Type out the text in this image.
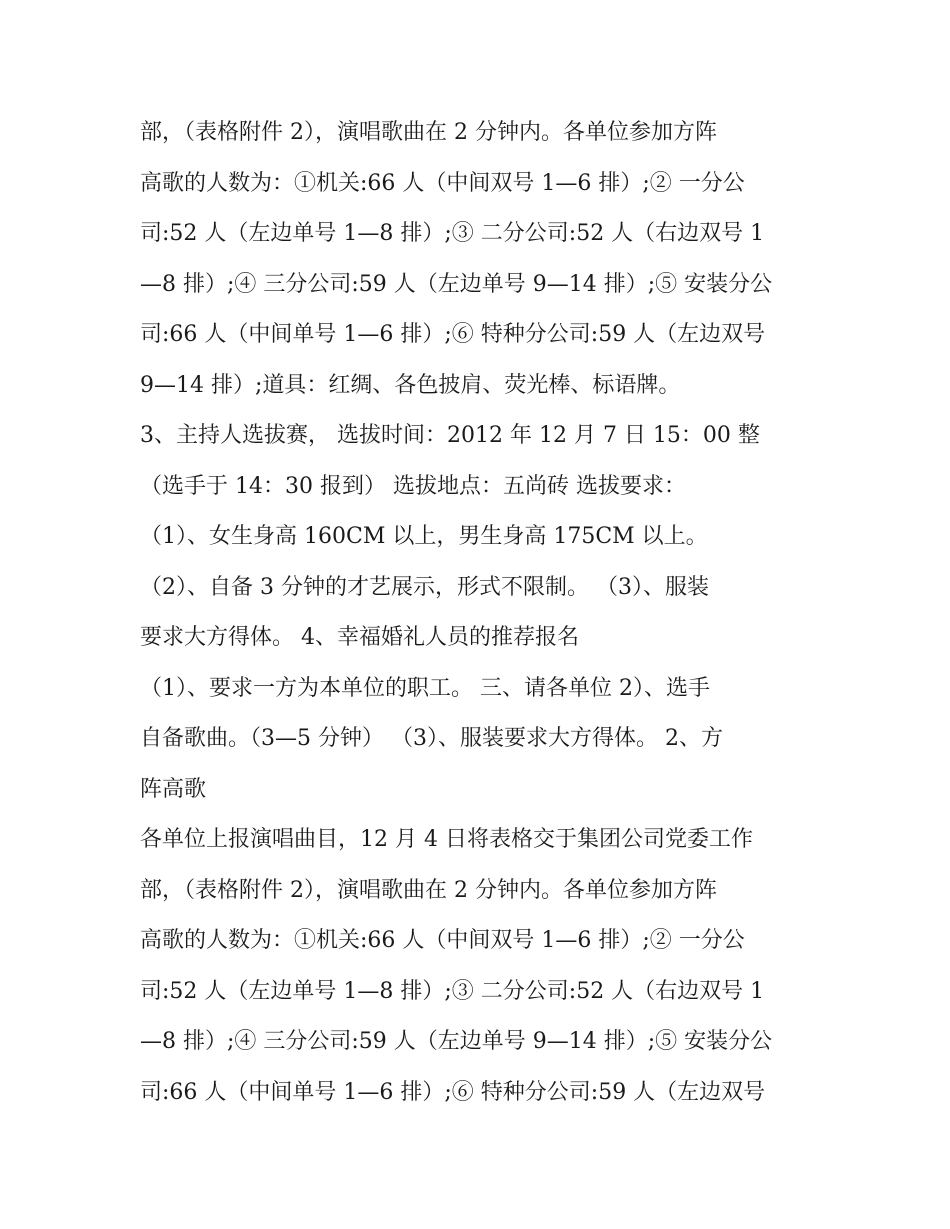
部，（表格附件 2），演唱歌曲在 2 分钟内。各单位参加方阵
高歌的人数为：①机关:66 人（中间双号 1—6 排）;② 一分公
司:52 人（左边单号 1—8 排）;③ 二分公司:52 人（右边双号 1
—8 排）;④ 三分公司:59 人（左边单号 9—14 排）;⑤ 安装分公
司:66 人（中间单号 1—6 排）;⑥ 特种分公司:59 人（左边双号
9—14 排）;道具：红绸、各色披肩、荧光棒、标语牌。
3、主持人选拔赛， 选拔时间：2012 年 12 月 7 日 15：00 整
（选手于 14：30 报到） 选拔地点：五尚砖 选拔要求：
（1）、女生身高 160CM 以上，男生身高 175CM 以上。
（2）、自备 3 分钟的才艺展示，形式不限制。 （3）、服装
要求大方得体。 4、幸福婚礼人员的推荐报名
（1）、要求一方为本单位的职工。 三、请各单位 2）、选手
自备歌曲。（3—5 分钟） （3）、服装要求大方得体。 2、方
阵高歌
各单位上报演唱曲目，12 月 4 日将表格交于集团公司党委工作
部，（表格附件 2），演唱歌曲在 2 分钟内。各单位参加方阵
高歌的人数为：①机关:66 人（中间双号 1—6 排）;② 一分公
司:52 人（左边单号 1—8 排）;③ 二分公司:52 人（右边双号 1
—8 排）;④ 三分公司:59 人（左边单号 9—14 排）;⑤ 安装分公
司:66 人（中间单号 1—6 排）;⑥ 特种分公司:59 人（左边双号
